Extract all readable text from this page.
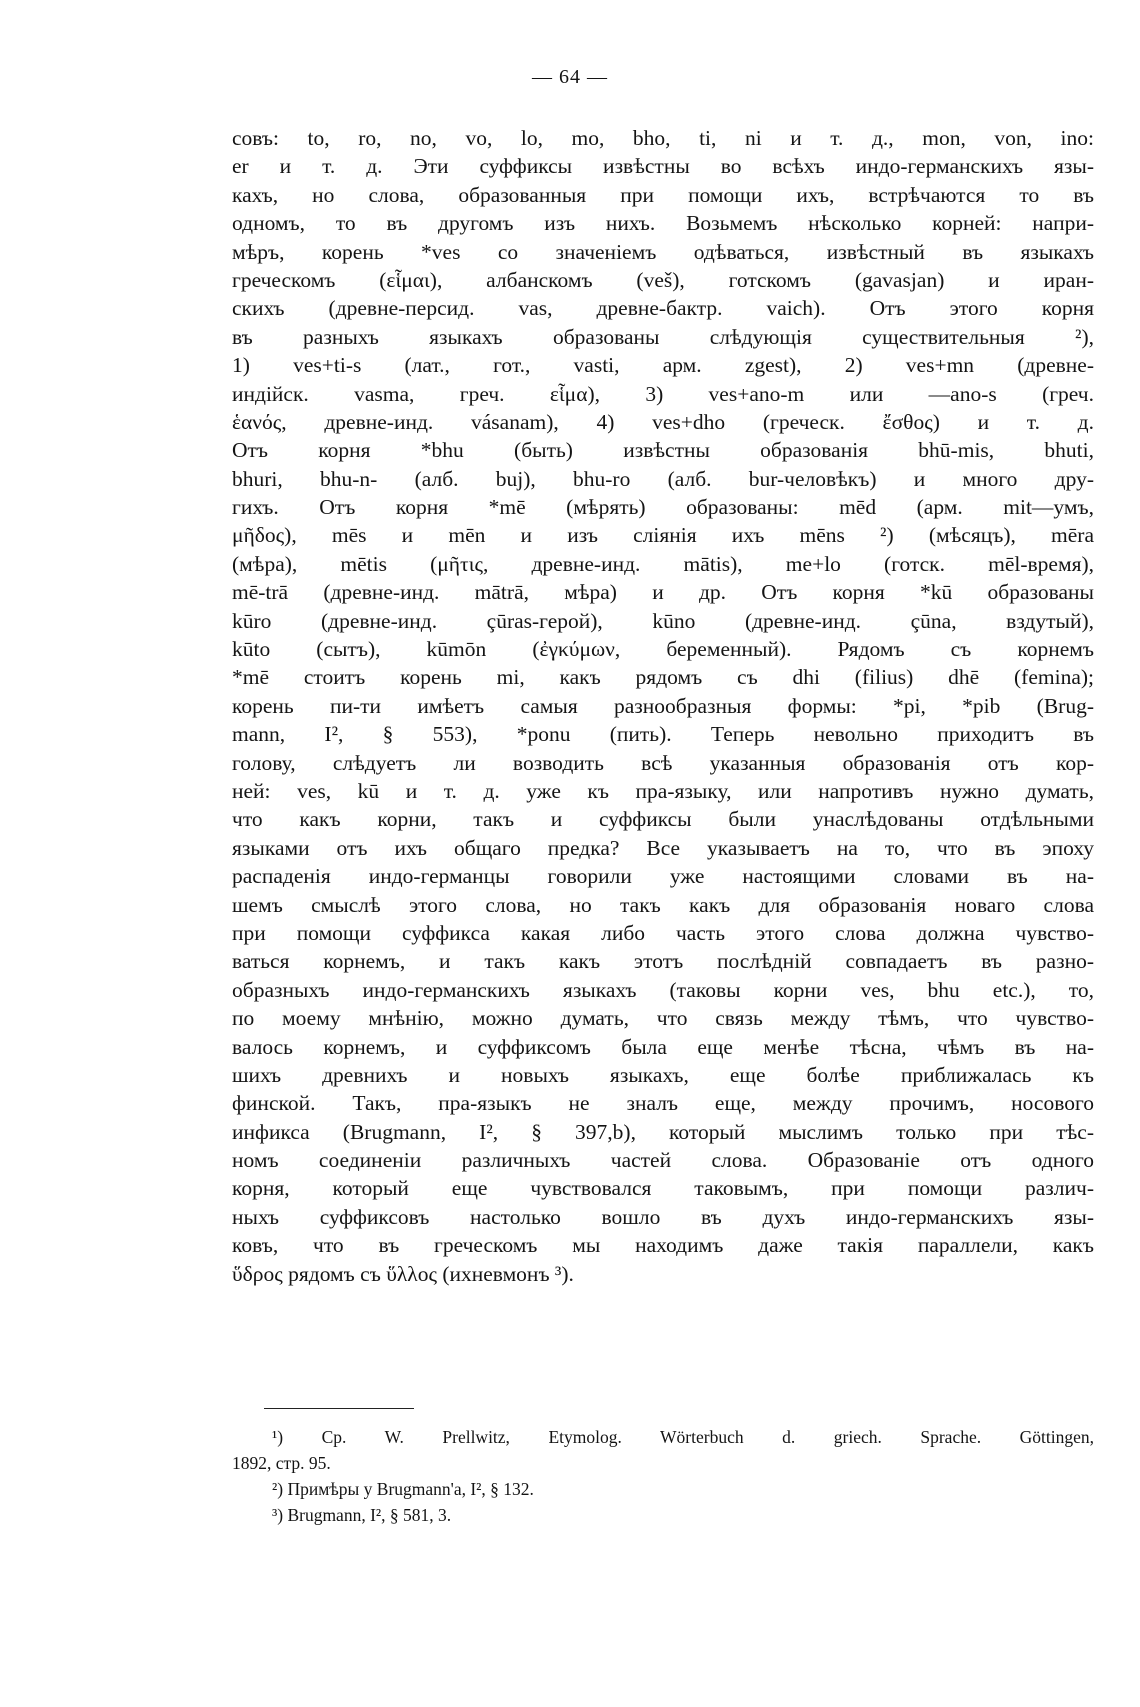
— 64 —
совъ: to, ro, no, vo, lo, mo, bho, ti, ni и т. д., mon, von, ino:
er и т. д. Эти суффиксы извѣстны во всѣхъ индо-германскихъ язы-
кахъ, но слова, образованныя при помощи ихъ, встрѣчаются то въ
одномъ, то въ другомъ изъ нихъ. Возьмемъ нѣсколько корней: напри-
мѣръ, корень *ves со значеніемъ одѣваться, извѣстный въ языкахъ
греческомъ (εἷμαι), албанскомъ (veš), готскомъ (gavasjan) и иран-
скихъ (древне-персид. vas, древне-бактр. vaich). Отъ этого корня
въ разныхъ языкахъ образованы слѣдующія существительныя ²),
1) ves+ti-s (лат., гот., vasti, арм. zgest), 2) ves+mn (древне-
индійск. vasma, греч. εἷμα), 3) ves+ano-m или —ano-s (греч.
ἑανός, древне-инд. vásanam), 4) ves+dho (греческ. ἔσθος) и т. д.
Отъ корня *bhu (быть) извѣстны образованія bhū-mis, bhuti,
bhuri, bhu-n- (алб. buj), bhu-ro (алб. bur-человѣкъ) и много дру-
гихъ. Отъ корня *mē (мѣрять) образованы: mēd (арм. mit—умъ,
μῆδος), mēs и mēn и изъ сліянія ихъ mēns ²) (мѣсяцъ), mēra
(мѣра), mētis (μῆτις, древне-инд. mātis), me+lo (готск. mēl-время),
mē-trā (древне-инд. mātrā, мѣра) и др. Отъ корня *kū образованы
kūro (древне-инд. çūras-герой), kūno (древне-инд. çūna, вздутый),
kūto (сытъ), kūmōn (ἐγκύμων, беременный). Рядомъ съ корнемъ
*mē стоитъ корень mi, какъ рядомъ съ dhi (filius) dhē (femina);
корень пи-ти имѣетъ самыя разнообразныя формы: *pi, *pib (Brug-
mann, I², § 553), *ponu (пить). Теперь невольно приходитъ въ
голову, слѣдуетъ ли возводить всѣ указанныя образованія отъ кор-
ней: ves, kū и т. д. уже къ пра-языку, или напротивъ нужно думать,
что какъ корни, такъ и суффиксы были унаслѣдованы отдѣльными
языками отъ ихъ общаго предка? Все указываетъ на то, что въ эпоху
распаденія индо-германцы говорили уже настоящими словами въ на-
шемъ смыслѣ этого слова, но такъ какъ для образованія новаго слова
при помощи суффикса какая либо часть этого слова должна чувство-
ваться корнемъ, и такъ какъ этотъ послѣдній совпадаетъ въ разно-
образныхъ индо-германскихъ языкахъ (таковы корни ves, bhu etc.), то,
по моему мнѣнію, можно думать, что связь между тѣмъ, что чувство-
валось корнемъ, и суффиксомъ была еще менѣе тѣсна, чѣмъ въ на-
шихъ древнихъ и новыхъ языкахъ, еще болѣе приближалась къ
финской. Такъ, пра-языкъ не зналъ еще, между прочимъ, носового
инфикса (Brugmann, I², § 397,b), который мыслимъ только при тѣс-
номъ соединеніи различныхъ частей слова. Образованіе отъ одного
корня, который еще чувствовался таковымъ, при помощи различ-
ныхъ суффиксовъ настолько вошло въ духъ индо-германскихъ язы-
ковъ, что въ греческомъ мы находимъ даже такія параллели, какъ
ὕδρος рядомъ съ ὕλλος (ихневмонъ ³).
¹) Cp. W. Prellwitz, Etymolog. Wörterbuch d. griech. Sprache. Göttingen,
1892, стр. 95.
²) Примѣры у Brugmann'a, I², § 132.
³) Brugmann, I², § 581, 3.
